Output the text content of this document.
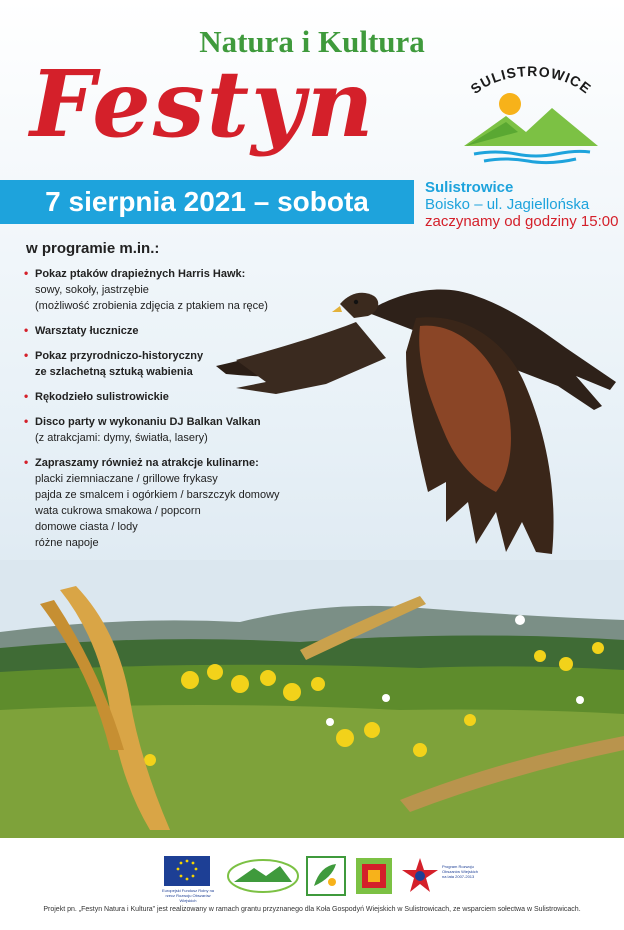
Natura i Kultura
Festyn	SULISTROWICE
7 sierpnia 2021 – sobota	Sulistrowice
Boisko – ul. Jagiellońska
zaczynamy od godziny 15:00
w programie m.in.:
• Pokaz ptaków drapieżnych Harris Hawk:
sowy, sokoły, jastrzębie
(możliwość zrobienia zdjęcia z ptakiem na ręce)
• Warsztaty łucznicze
• Pokaz przyrodniczo-historyczny
ze szlachetną sztuką wabienia
• Rękodzieło sulistrowickie
• Disco party w wykonaniu DJ Balkan Valkan
(z atrakcjami: dymy, światła, lasery)
• Zapraszamy również na atrakcje kulinarne:
placki ziemniaczane / grillowe frykasy
pajda ze smalcem i ogórkiem / barszczyk domowy
wata cukrowa smakowa / popcorn
domowe ciasta / lody
różne napoje
Europejski Fundusz Rolny na rzecz Rozwoju Obszarów Wiejskich
Program Rozwoju Obszarów Wiejskich na lata 2007-2013
Projekt pn. „Festyn Natura i Kultura” jest realizowany w ramach grantu przyznanego dla Koła Gospodyń Wiejskich w Sulistrowicach, ze wsparciem sołectwa w Sulistrowicach.
